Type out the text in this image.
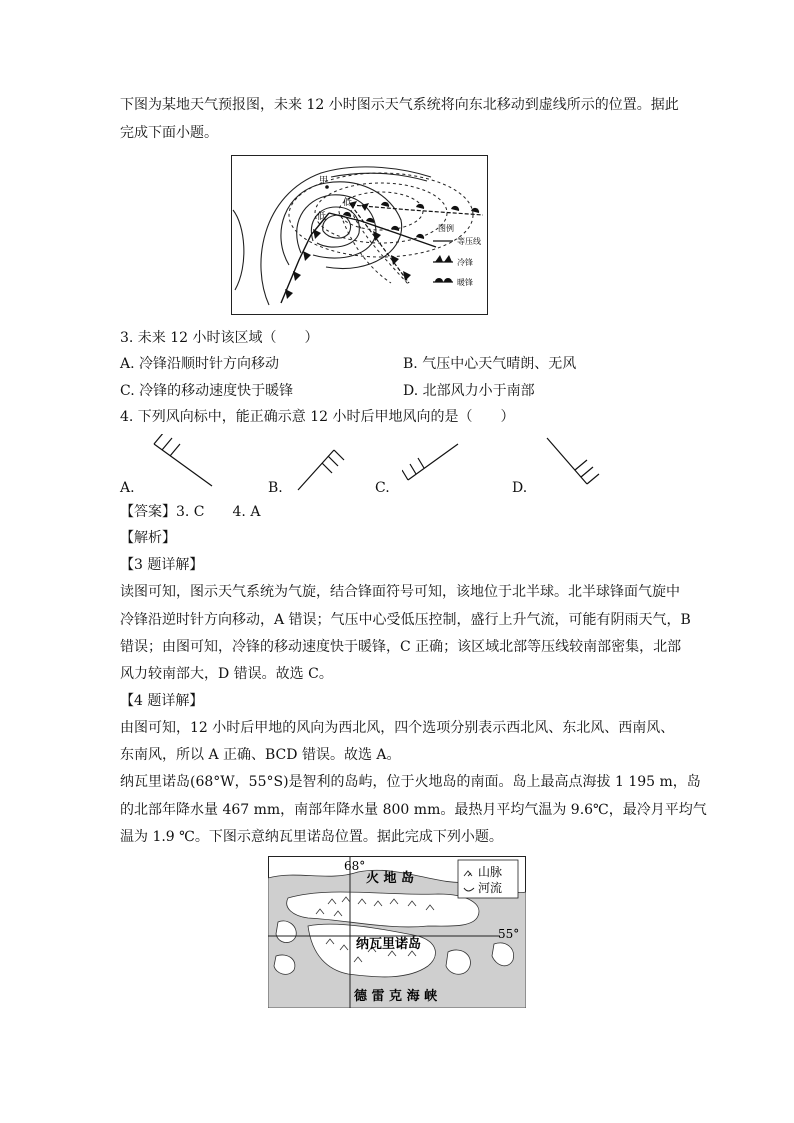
下图为某地天气预报图，未来 12 小时图示天气系统将向东北移动到虚线所示的位置。据此
完成下面小题。
甲
低
低
图例
等压线
冷锋
暖锋
3. 未来 12 小时该区域（　　）
A. 冷锋沿顺时针方向移动	B. 气压中心天气晴朗、无风
C. 冷锋的移动速度快于暖锋	D. 北部风力小于南部
4. 下列风向标中，能正确示意 12 小时后甲地风向的是（　　）
A.	B.	C.	D.
【答案】3. C　　4. A
【解析】
【3 题详解】
读图可知，图示天气系统为气旋，结合锋面符号可知，该地位于北半球。北半球锋面气旋中
冷锋沿逆时针方向移动，A 错误；气压中心受低压控制，盛行上升气流，可能有阴雨天气，B
错误；由图可知，冷锋的移动速度快于暖锋，C 正确；该区域北部等压线较南部密集，北部
风力较南部大，D 错误。故选 C。
【4 题详解】
由图可知，12 小时后甲地的风向为西北风，四个选项分别表示西北风、东北风、西南风、
东南风，所以 A 正确、BCD 错误。故选 A。
纳瓦里诺岛(68°W，55°S)是智利的岛屿，位于火地岛的南面。岛上最高点海拔 1 195 m，岛
的北部年降水量 467 mm，南部年降水量 800 mm。最热月平均气温为 9.6℃，最冷月平均气
温为 1.9 ℃。下图示意纳瓦里诺岛位置。据此完成下列小题。
山脉
河流
68°
55°
火 地 岛
纳瓦里诺岛
德 雷 克 海 峡
